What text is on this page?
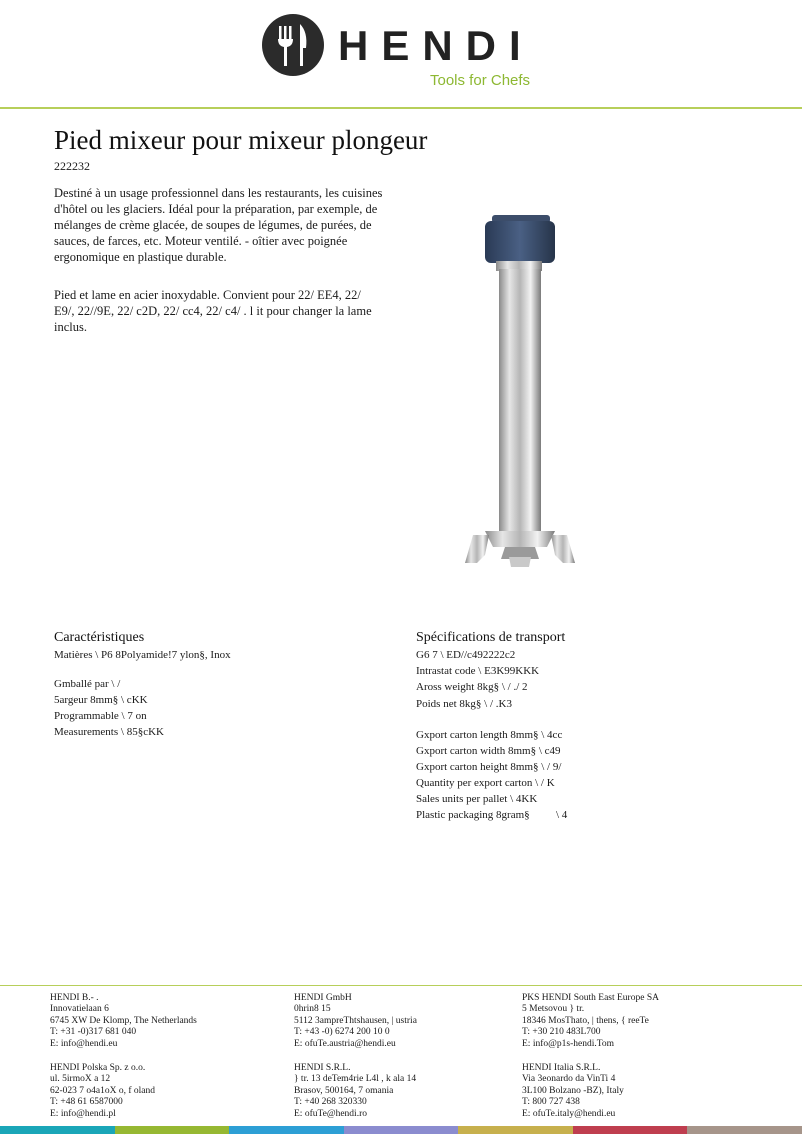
HENDI
Tools for Chefs
Pied mixeur pour mixeur plongeur
222232
Destiné à un usage professionnel dans les restaurants, les cuisines d'hôtel ou les glaciers. Idéal pour la préparation, par exemple, de mélanges de crème glacée, de soupes de légumes, de purées, de sauces, de farces, etc. Moteur ventilé. - oîtier avec poignée ergonomique en plastique durable.
Pied et lame en acier inoxydable. Convient pour 22/ EE4, 22/ E9/, 22//9E, 22/ c2D, 22/ cc4, 22/ c4/ . l it pour changer la lame inclus.
Caractéristiques
Matières \ P6 8Polyamide!7 ylon§, Inox
Gmballé par \ /
5argeur 8mm§ \ cKK
Programmable \ 7 on
Measurements \ 85§cKK
Spécifications de transport
G6 7 \ ED//c492222c2
Intrastat code \ E3K99KKK
Aross weight 8kg§ \ / ./ 2
Poids net 8kg§ \ / .K3
Gxport carton length 8mm§ \ 4cc
Gxport carton width 8mm§ \ c49
Gxport carton height 8mm§ \ / 9/
Quantity per export carton \ / K
Sales units per pallet \ 4KK
Plastic packaging 8gram§ \ 4
HENDI B.- .
Innovatielaan 6
6745 XW De Klomp, The Netherlands
T: +31 -0)317 681 040
E: info@hendi.eu
HENDI Polska Sp. z o.o.
ul. 5irmoX a 12
62-023 7 o4a1oX o, f oland
T: +48 61 6587000
E: info@hendi.pl
HENDI GmbH
0hrin8 15
5112 3ampreThtshausen, | ustria
T: +43 -0) 6274 200 10 0
E: ofuTe.austria@hendi.eu
HENDI S.R.L.
} tr. 13 deTem4rie L4l , k ala 14
Brasov, 500164, 7 omania
T: +40 268 320330
E: ofuTe@hendi.ro
PKS HENDI South East Europe SA
5 Metsovou } tr.
18346 MosThato, | thens, { reeTe
T: +30 210 483L700
E: info@p1s-hendi.Tom
HENDI Italia S.R.L.
Via 3eonardo da VinTi 4
3L100 Bolzano -BZ), Italy
T: 800 727 438
E: ofuTe.italy@hendi.eu
